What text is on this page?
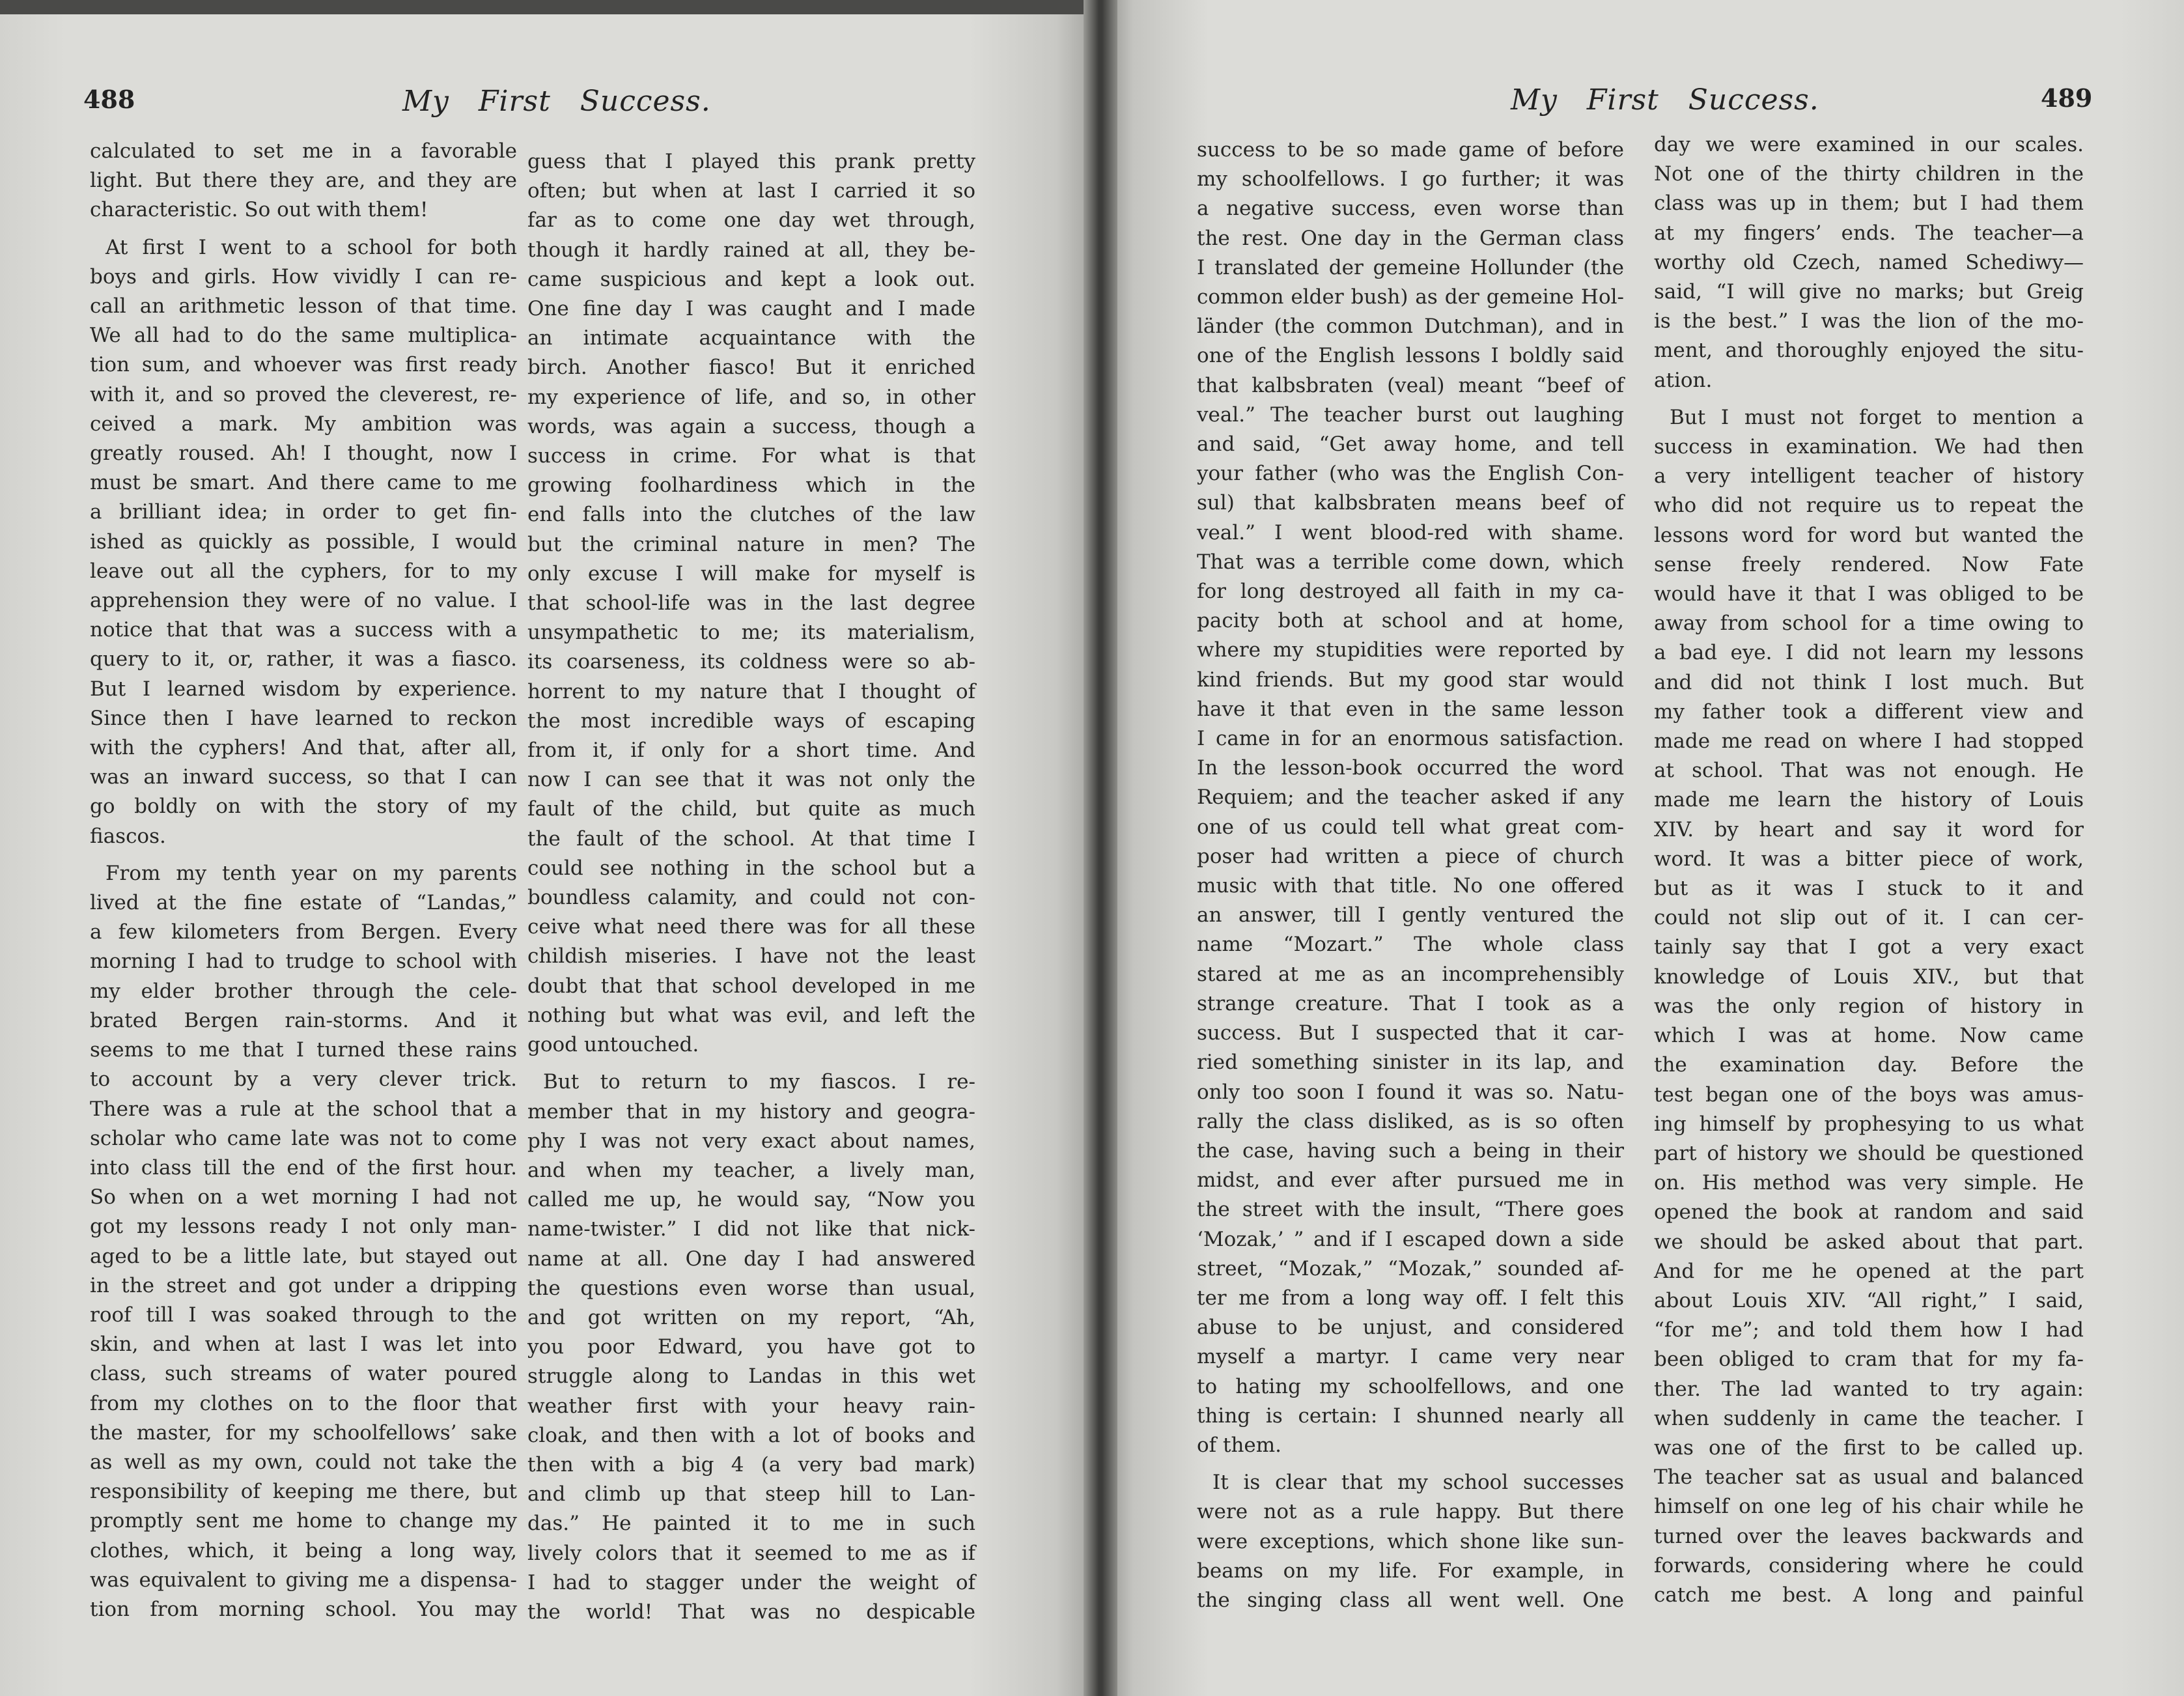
488	My   First   Success.
calculated to set me in a favorable
light. But there they are, and they are
characteristic. So out with them!
At first I went to a school for both
boys and girls. How vividly I can re-
call an arithmetic lesson of that time.
We all had to do the same multiplica-
tion sum, and whoever was first ready
with it, and so proved the cleverest, re-
ceived a mark. My ambition was
greatly roused. Ah! I thought, now I
must be smart. And there came to me
a brilliant idea; in order to get fin-
ished as quickly as possible, I would
leave out all the cyphers, for to my
apprehension they were of no value. I
notice that that was a success with a
query to it, or, rather, it was a fiasco.
But I learned wisdom by experience.
Since then I have learned to reckon
with the cyphers! And that, after all,
was an inward success, so that I can
go boldly on with the story of my
fiascos.
From my tenth year on my parents
lived at the fine estate of “Landas,”
a few kilometers from Bergen. Every
morning I had to trudge to school with
my elder brother through the cele-
brated Bergen rain-storms. And it
seems to me that I turned these rains
to account by a very clever trick.
There was a rule at the school that a
scholar who came late was not to come
into class till the end of the first hour.
So when on a wet morning I had not
got my lessons ready I not only man-
aged to be a little late, but stayed out
in the street and got under a dripping
roof till I was soaked through to the
skin, and when at last I was let into
class, such streams of water poured
from my clothes on to the floor that
the master, for my schoolfellows’ sake
as well as my own, could not take the
responsibility of keeping me there, but
promptly sent me home to change my
clothes, which, it being a long way,
was equivalent to giving me a dispensa-
tion from morning school. You may
guess that I played this prank pretty
often; but when at last I carried it so
far as to come one day wet through,
though it hardly rained at all, they be-
came suspicious and kept a look out.
One fine day I was caught and I made
an intimate acquaintance with the
birch. Another fiasco! But it enriched
my experience of life, and so, in other
words, was again a success, though a
success in crime. For what is that
growing foolhardiness which in the
end falls into the clutches of the law
but the criminal nature in men? The
only excuse I will make for myself is
that school-life was in the last degree
unsympathetic to me; its materialism,
its coarseness, its coldness were so ab-
horrent to my nature that I thought of
the most incredible ways of escaping
from it, if only for a short time. And
now I can see that it was not only the
fault of the child, but quite as much
the fault of the school. At that time I
could see nothing in the school but a
boundless calamity, and could not con-
ceive what need there was for all these
childish miseries. I have not the least
doubt that that school developed in me
nothing but what was evil, and left the
good untouched.
But to return to my fiascos. I re-
member that in my history and geogra-
phy I was not very exact about names,
and when my teacher, a lively man,
called me up, he would say, “Now you
name-twister.” I did not like that nick-
name at all. One day I had answered
the questions even worse than usual,
and got written on my report, “Ah,
you poor Edward, you have got to
struggle along to Landas in this wet
weather first with your heavy rain-
cloak, and then with a lot of books and
then with a big 4 (a very bad mark)
and climb up that steep hill to Lan-
das.” He painted it to me in such
lively colors that it seemed to me as if
I had to stagger under the weight of
the world! That was no despicable
489
My   First   Success.
success to be so made game of before
my schoolfellows. I go further; it was
a negative success, even worse than
the rest. One day in the German class
I translated der gemeine Hollunder (the
common elder bush) as der gemeine Hol-
länder (the common Dutchman), and in
one of the English lessons I boldly said
that kalbsbraten (veal) meant “beef of
veal.” The teacher burst out laughing
and said, “Get away home, and tell
your father (who was the English Con-
sul) that kalbsbraten means beef of
veal.” I went blood-red with shame.
That was a terrible come down, which
for long destroyed all faith in my ca-
pacity both at school and at home,
where my stupidities were reported by
kind friends. But my good star would
have it that even in the same lesson
I came in for an enormous satisfaction.
In the lesson-book occurred the word
Requiem; and the teacher asked if any
one of us could tell what great com-
poser had written a piece of church
music with that title. No one offered
an answer, till I gently ventured the
name “Mozart.” The whole class
stared at me as an incomprehensibly
strange creature. That I took as a
success. But I suspected that it car-
ried something sinister in its lap, and
only too soon I found it was so. Natu-
rally the class disliked, as is so often
the case, having such a being in their
midst, and ever after pursued me in
the street with the insult, “There goes
‘Mozak,’ ” and if I escaped down a side
street, “Mozak,” “Mozak,” sounded af-
ter me from a long way off. I felt this
abuse to be unjust, and considered
myself a martyr. I came very near
to hating my schoolfellows, and one
thing is certain: I shunned nearly all
of them.
It is clear that my school successes
were not as a rule happy. But there
were exceptions, which shone like sun-
beams on my life. For example, in
the singing class all went well. One
day we were examined in our scales.
Not one of the thirty children in the
class was up in them; but I had them
at my fingers’ ends. The teacher—a
worthy old Czech, named Schediwy—
said, “I will give no marks; but Greig
is the best.” I was the lion of the mo-
ment, and thoroughly enjoyed the situ-
ation.
But I must not forget to mention a
success in examination. We had then
a very intelligent teacher of history
who did not require us to repeat the
lessons word for word but wanted the
sense freely rendered. Now Fate
would have it that I was obliged to be
away from school for a time owing to
a bad eye. I did not learn my lessons
and did not think I lost much. But
my father took a different view and
made me read on where I had stopped
at school. That was not enough. He
made me learn the history of Louis
XIV. by heart and say it word for
word. It was a bitter piece of work,
but as it was I stuck to it and
could not slip out of it. I can cer-
tainly say that I got a very exact
knowledge of Louis XIV., but that
was the only region of history in
which I was at home. Now came
the examination day. Before the
test began one of the boys was amus-
ing himself by prophesying to us what
part of history we should be questioned
on. His method was very simple. He
opened the book at random and said
we should be asked about that part.
And for me he opened at the part
about Louis XIV. “All right,” I said,
“for me”; and told them how I had
been obliged to cram that for my fa-
ther. The lad wanted to try again:
when suddenly in came the teacher. I
was one of the first to be called up.
The teacher sat as usual and balanced
himself on one leg of his chair while he
turned over the leaves backwards and
forwards, considering where he could
catch me best. A long and painful
